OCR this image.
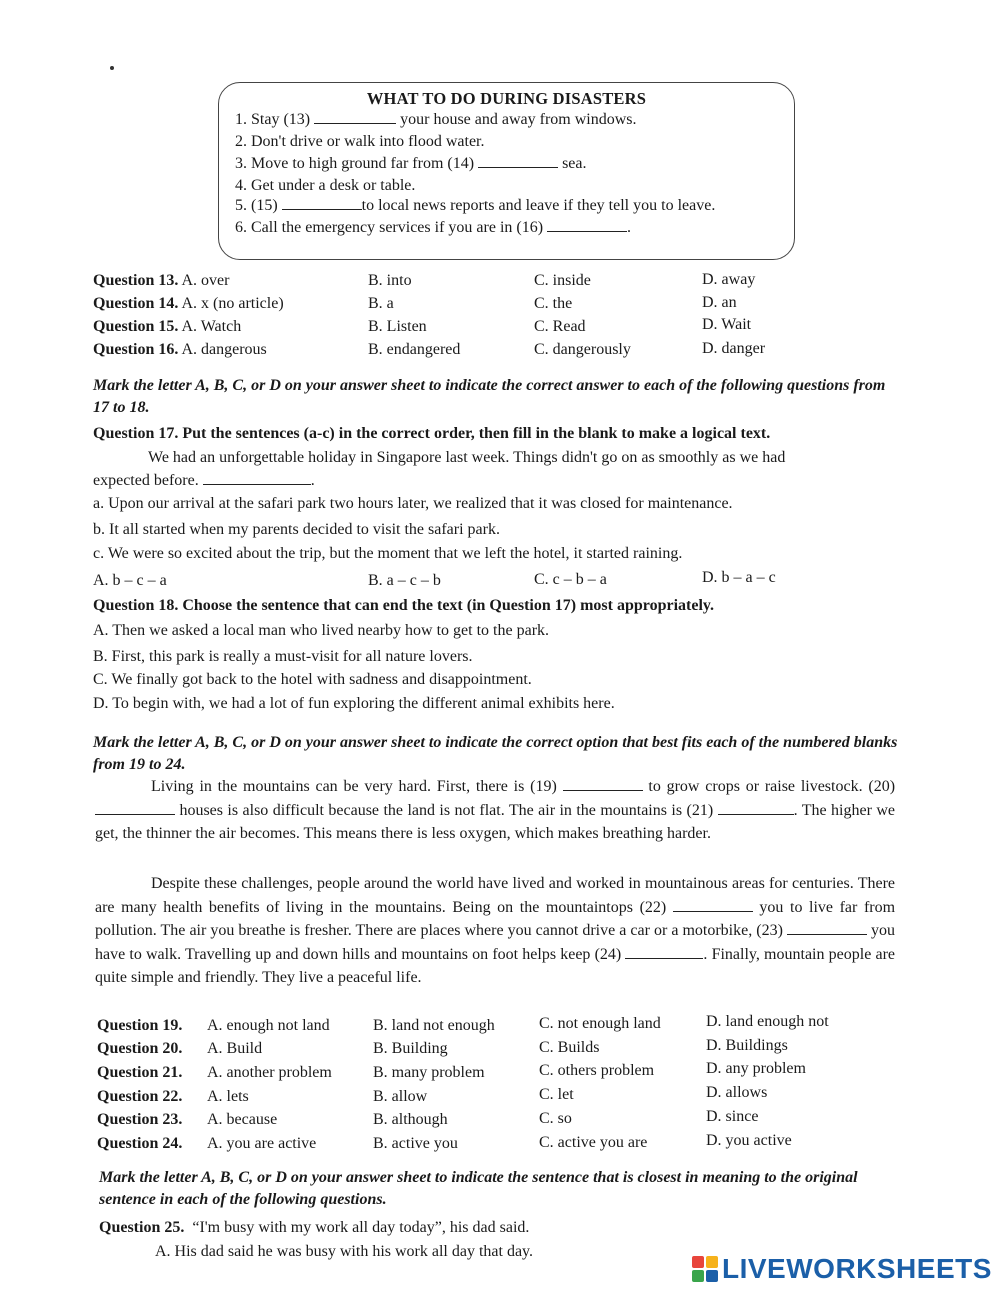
WHAT TO DO DURING DISASTERS
1. Stay (13)	your house and away from windows.
2. Don't drive or walk into flood water.
3. Move to high ground far from (14)	sea.
4. Get under a desk or table.
5. (15)	to local news reports and leave if they tell you to leave.
6. Call the emergency services if you are in (16)	.
Question 13. A. over	B. into	C. inside	D. away
Question 14. A. x (no article)	B. a	C. the	D. an
Question 15. A. Watch	B. Listen	C. Read	D. Wait
Question 16. A. dangerous	B. endangered	C. dangerously	D. danger
Mark the letter A, B, C, or D on your answer sheet to indicate the correct answer to each of the following questions from 17 to 18.
Question 17. Put the sentences (a-c) in the correct order, then fill in the blank to make a logical text.
We had an unforgettable holiday in Singapore last week. Things didn't go on as smoothly as we had
expected before.	.
a. Upon our arrival at the safari park two hours later, we realized that it was closed for maintenance.
b. It all started when my parents decided to visit the safari park.
c. We were so excited about the trip, but the moment that we left the hotel, it started raining.
A. b – c – a	B. a – c – b	C. c – b – a	D. b – a – c
Question 18. Choose the sentence that can end the text (in Question 17) most appropriately.
A. Then we asked a local man who lived nearby how to get to the park.
B. First, this park is really a must-visit for all nature lovers.
C. We finally got back to the hotel with sadness and disappointment.
D. To begin with, we had a lot of fun exploring the different animal exhibits here.
Mark the letter A, B, C, or D on your answer sheet to indicate the correct option that best fits each of the numbered blanks from 19 to 24.
Living in the mountains can be very hard. First, there is (19)	to grow crops or raise livestock. (20)  houses is also difficult because the land is not flat. The air in the mountains is (21)	. The higher we get, the thinner the air becomes. This means there is less oxygen, which makes breathing harder.
Despite these challenges, people around the world have lived and worked in mountainous areas for centuries. There are many health benefits of living in the mountains. Being on the mountaintops (22)	you to live far from pollution. The air you breathe is fresher. There are places where you cannot drive a car or a motorbike, (23)	you have to walk. Travelling up and down hills and mountains on foot helps keep (24)	. Finally, mountain people are quite simple and friendly. They live a peaceful life.
Question 19. A. enough not land	B. land not enough	C. not enough land	D. land enough not
Question 20. A. Build	B. Building	C. Builds	D. Buildings
Question 21. A. another problem	B. many problem	C. others problem	D. any problem
Question 22. A. lets	B. allow	C. let	D. allows
Question 23. A. because	B. although	C. so	D. since
Question 24. A. you are active	B. active you	C. active you are	D. you active
Mark the letter A, B, C, or D on your answer sheet to indicate the sentence that is closest in meaning to the original sentence in each of the following questions.
Question 25. “I'm busy with my work all day today”, his dad said.
A. His dad said he was busy with his work all day that day.
LIVEWORKSHEETS
